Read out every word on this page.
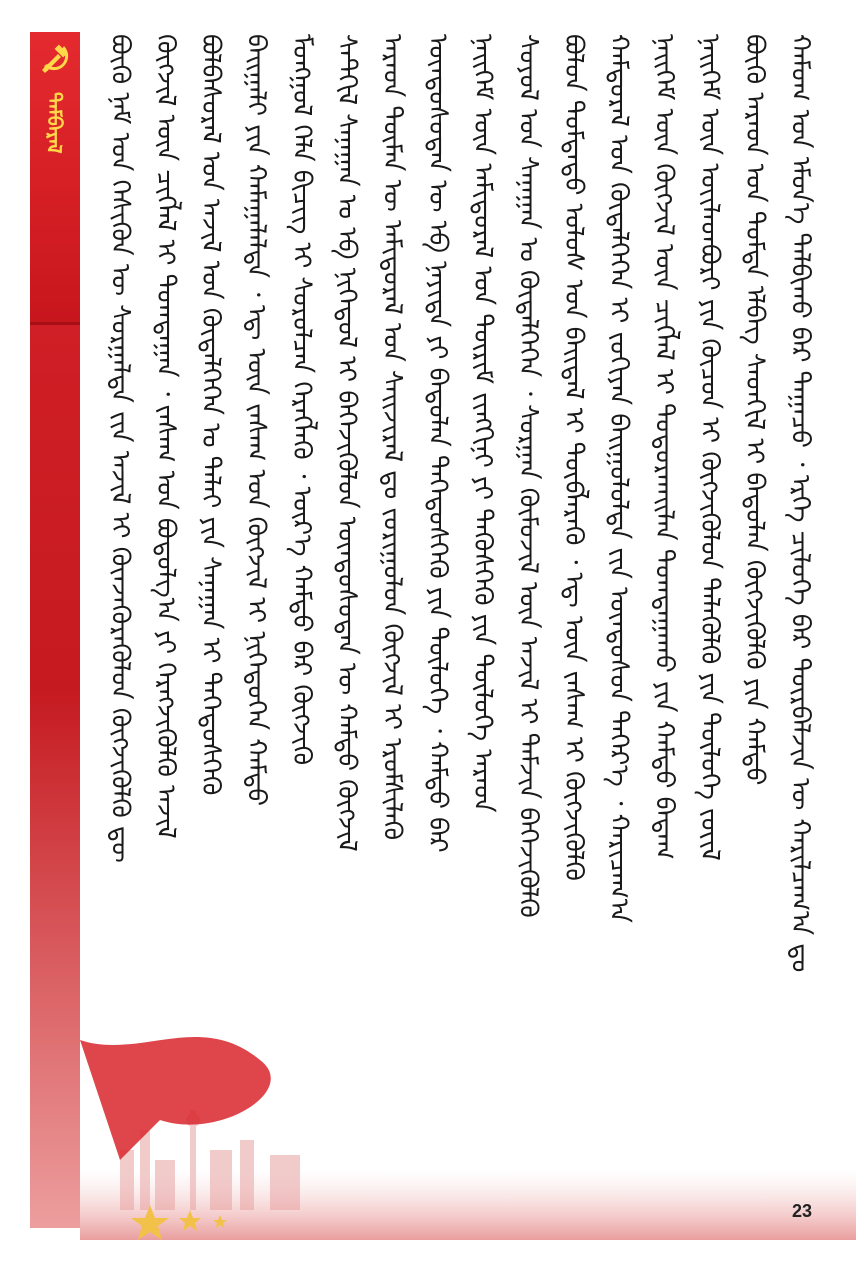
ᠳᠡᠮᠪᠡᠷᠡᠯ	ᠬᠠᠮᠤᠭ ᠤᠨ ᠡᠮᠦᠨ᠎ᠡ ᠲᠠᠯᠪᠢᠬᠤ ᠪᠠᠷ ᠳᠠᠭᠠᠴᠤ ᠂ ᠡᠷᠬᠡ ᠴᠢᠯᠦᠭᠡ ᠪᠡᠷ ᠳᠦᠷᠪᠡᠯᠵᠢᠨ ᠦ ᠬᠠᠷᠢᠯᠴᠠᠭ᠎ᠠ ᠳᠤ
ᠪᠦᠬᠦ ᠠᠷᠠᠳ ᠤᠨ ᠳᠤᠮᠳᠠ ᠡᠯᠪᠡᠭ ᠰᠡᠳᠬᠢᠯ ᠢ ᠪᠠᠲᠤᠯᠠᠨ ᠬᠥᠭᠵᠢᠭᠦᠯᠬᠦ ᠶᠢᠨ ᠬᠠᠮᠲᠤ
ᠨᠡᠢᠭᠡᠮ ᠦᠨ ᠦᠢᠯᠡᠳᠪᠦᠷᠢ ᠶᠢᠨ ᠬᠦᠴᠦᠨ ᠢ ᠬᠥᠭᠵᠢᠭᠦᠯᠦᠨ ᠲᠡᠯᠡᠭᠦᠯᠬᠦ ᠶᠢᠨ ᠲᠥᠯᠥᠭᠡ ᠵᠦᠢᠯ
ᠨᠡᠢᠭᠡᠮ ᠦᠨ ᠬᠥᠭᠵᠢᠯ ᠦᠨ ᠴᠢᠭᠯᠡᠯ ᠢ ᠲᠣᠳᠤᠷᠬᠠᠢᠯᠠᠨ ᠲᠣᠭᠲᠠᠭᠠᠬᠤ ᠶᠢᠨ ᠬᠠᠮᠲᠤ ᠪᠠᠳᠠᠭ
ᠬᠠᠮᠲᠤᠷᠠᠯ ᠤᠨ ᠬᠥᠳᠡᠯᠭᠡᠭᠡᠨ ᠢ ᠵᠣᠬᠢᠶᠠᠨ ᠪᠠᠢᠭᠤᠯᠤᠯᠲᠠ ᠵᠢᠨ ᠦᠨᠳᠦᠰᠦᠨ ᠳᠡᠭᠡᠷ᠎ᠡ ᠂ ᠬᠠᠷᠢᠴᠠᠭ᠎ᠠ
ᠪᠤᠯᠤᠨ ᠳᠤᠮᠳᠠᠳᠤ ᠤᠯᠤᠰ ᠤᠨ ᠪᠠᠢᠳᠠᠯ ᠢ ᠲᠥᠪᠯᠡᠷᠡᠬᠦ ᠂ ᠡᠳ᠋ ᠦᠨ ᠵᠠᠰᠠᠭ ᠢ ᠬᠥᠭᠵᠢᠭᠦᠯᠬᠦ
ᠰᠣᠶᠣᠯ ᠤᠨ ᠰᠠᠨᠠᠭᠠᠨ ᠤ ᠬᠥᠳᠡᠯᠭᠡᠭᠡᠨ ᠂ ᠰᠤᠷᠭᠠᠨ ᠬᠦᠮᠦᠵᠢᠯ ᠦᠨ ᠠᠵᠢᠯ ᠢ ᠳᠡᠮᠵᠢᠨ ᠪᠡᠬᠡᠵᠢᠭᠦᠯᠬᠦ
ᠨᠡᠢᠭᠡᠮ ᠦᠨ ᠠᠮᠢᠳᠤᠷᠠᠯ ᠤᠨ ᠳᠦᠷᠢᠮ ᠵᠢᠩᠬᠢᠨᠢ ᠶᠢ ᠲᠡᠭᠦᠰᠬᠡᠬᠦ ᠶᠢᠨ ᠲᠥᠯᠥᠭᠡ ᠠᠷᠠᠳ
ᠦᠨᠳᠦᠰᠦᠲᠡᠨ ᠦ ᠡᠪ ᠨᠡᠶᠢᠲᠡ ᠶᠢ ᠪᠠᠲᠤᠯᠠᠨ ᠳᠡᠭᠡᠳᠦᠰᠬᠡᠬᠦ ᠶᠢᠨ ᠲᠥᠯᠥᠭᠡ ᠂ ᠬᠠᠮᠲᠤ ᠪᠠᠷ
ᠠᠷᠠᠳ ᠲᠦᠮᠡᠨ ᠦ ᠠᠮᠢᠳᠤᠷᠠᠯ ᠤᠨ ᠰᠠᠢᠵᠢᠷᠠᠯ ᠳᠤ ᠵᠣᠷᠢᠭᠤᠯᠤᠨ ᠬᠥᠭᠵᠢᠯ ᠢ ᠡᠷᠦᠮᠰᠢᠯᠡᠬᠦ
ᠰᠡᠲᠭᠢᠯ ᠰᠠᠨᠠᠭᠠᠨ ᠤ ᠡᠪ ᠨᠢᠭᠡᠳᠦᠯ ᠢ ᠪᠡᠬᠡᠵᠢᠭᠦᠯᠦᠨ ᠦᠨᠳᠦᠰᠦᠲᠡᠨ ᠦ ᠬᠠᠮᠲᠤ ᠬᠥᠭᠵᠢᠯ
ᠮᠣᠩᠭᠣᠯ ᠬᠡᠯᠡ ᠪᠢᠴᠢᠭ ᠢ ᠰᠤᠷᠤᠯᠴᠠᠨ ᠬᠡᠷᠡᠭᠯᠡᠬᠦ ᠂ ᠦᠷ᠎ᠡ ᠬᠠᠮᠲᠤ ᠪᠠᠷ ᠬᠥᠭᠵᠢᠬᠦ
ᠪᠠᠢᠭᠠᠯᠢ ᠶᠢᠨ ᠬᠠᠮᠠᠭᠠᠯᠠᠯᠲᠠ ᠂ ᠡᠳ᠋ ᠦᠨ ᠵᠠᠰᠠᠭ ᠤᠨ ᠬᠥᠭᠵᠢᠯ ᠢ ᠨᠢᠭᠡᠳᠦᠭᠡᠨ ᠬᠠᠮᠲᠤ
ᠪᠣᠯᠪᠠᠰᠤᠷᠠᠯ ᠤᠨ ᠠᠵᠢᠯ ᠤᠨ ᠬᠥᠳᠡᠯᠭᠡᠭᠡᠨ ᠤ ᠳᠠᠯᠠᠢ ᠶᠢᠨ ᠰᠠᠨᠠᠭᠠᠨ ᠢ ᠳᠡᠭᠡᠳᠦᠰᠬᠡᠬᠦ
ᠬᠥᠭᠵᠢᠯ ᠦᠨ ᠴᠢᠭᠯᠡᠯ ᠢ ᠲᠣᠭᠲᠠᠭᠠᠨ ᠂ ᠵᠠᠰᠠᠭ ᠤᠨ ᠪᠣᠳᠣᠯᠭ᠎ᠠ ᠶᠢ ᠬᠡᠷᠡᠭᠵᠢᠭᠦᠯᠬᠦ ᠠᠵᠢᠯ
ᠪᠦᠬᠦ ᠨᠠᠮ ᠤᠨ ᠭᠡᠰᠢᠭᠦᠨ ᠦ ᠰᠤᠷᠭᠠᠯᠲᠠ ᠵᠢᠨ ᠠᠵᠢᠯ ᠢ ᠭᠦᠨᠵᠡᠭᠦᠷᠡᠭᠦᠯᠦᠨ ᠬᠥᠭᠵᠢᠭᠦᠯᠬᠦ ᠳᠦ
23
